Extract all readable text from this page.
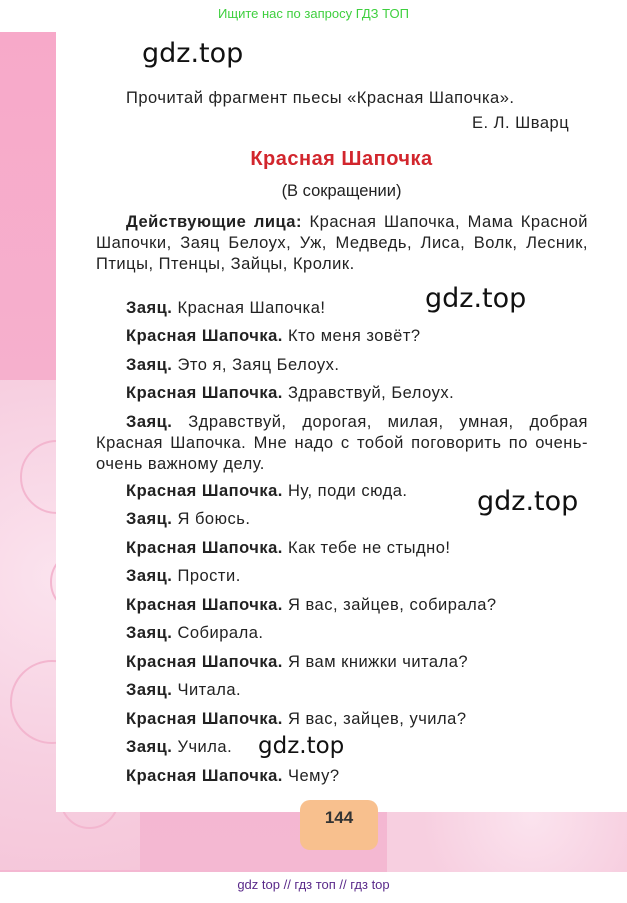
Ищите нас по запросу ГДЗ ТОП
gdz.top
Прочитай фрагмент пьесы «Красная Шапочка».
Е. Л. Шварц
Красная Шапочка
(В сокращении)
Действующие лица: Красная Шапочка, Мама Красной Шапочки, Заяц Белоух, Уж, Медведь, Лиса, Волк, Лесник, Птицы, Птенцы, Зайцы, Кролик.
gdz.top
Заяц. Красная Шапочка!
Красная Шапочка. Кто меня зовёт?
Заяц. Это я, Заяц Белоух.
Красная Шапочка. Здравствуй, Белоух.
Заяц. Здравствуй, дорогая, милая, умная, добрая Красная Шапочка. Мне надо с тобой поговорить по очень-очень важному делу.
Красная Шапочка. Ну, поди сюда.	gdz.top
Заяц. Я боюсь.
Красная Шапочка. Как тебе не стыдно!
Заяц. Прости.
Красная Шапочка. Я вас, зайцев, собирала?
Заяц. Собирала.
Красная Шапочка. Я вам книжки читала?
Заяц. Читала.
Красная Шапочка. Я вас, зайцев, учила?
Заяц. Учила. gdz.top
Красная Шапочка. Чему?
144
gdz top // гдз топ // гдз top
